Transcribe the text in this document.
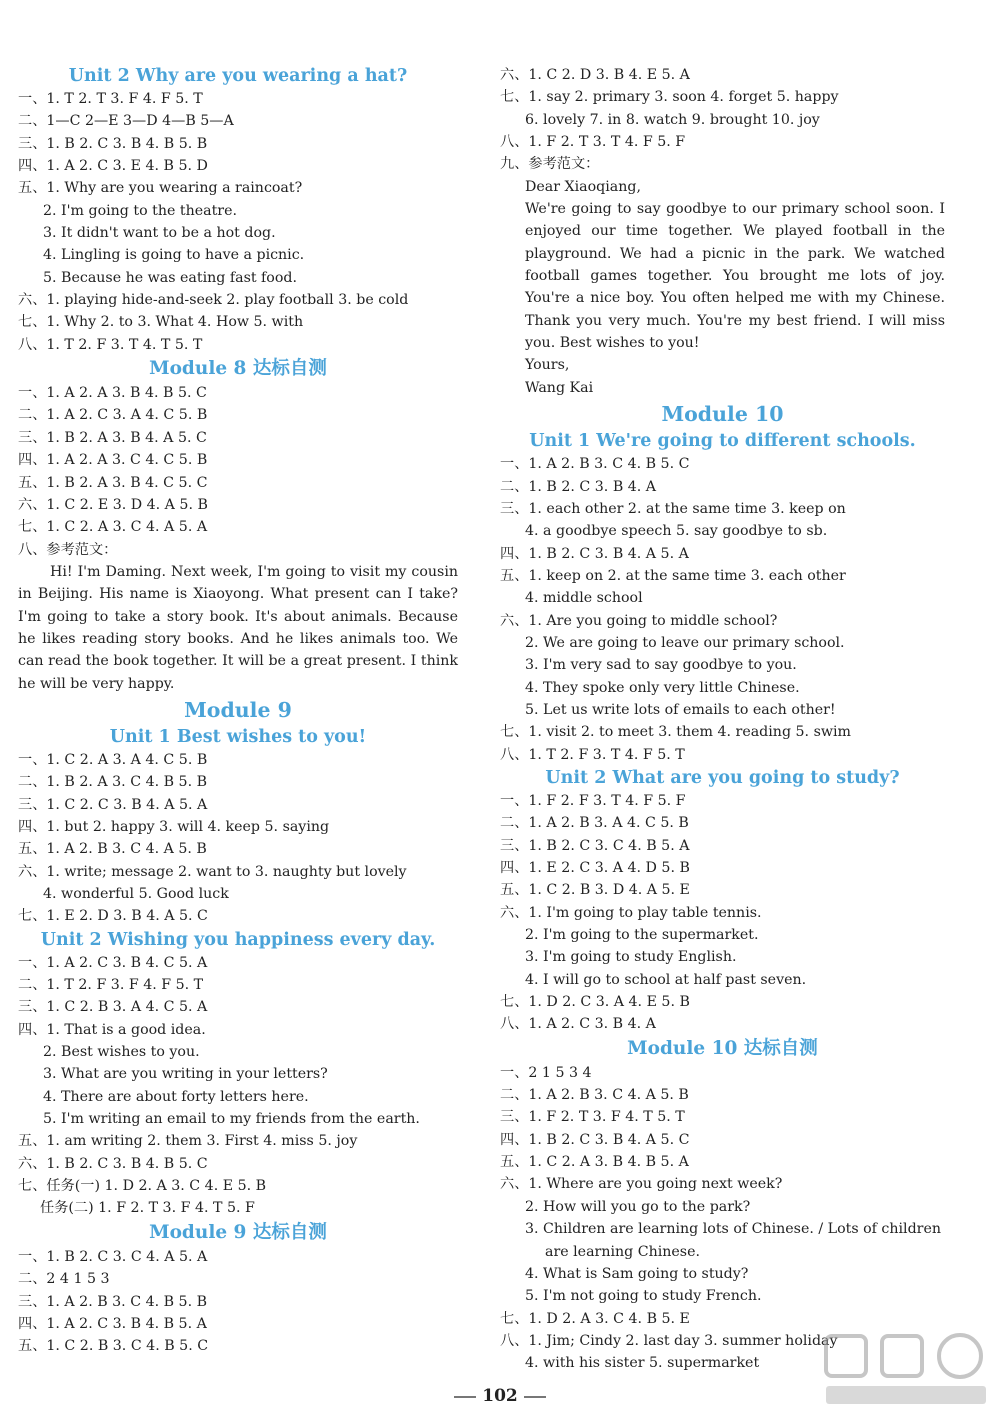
Unit 2 Why are you wearing a hat?
一、1. T 2. T 3. F 4. F 5. T
二、1—C 2—E 3—D 4—B 5—A
三、1. B 2. C 3. B 4. B 5. B
四、1. A 2. C 3. E 4. B 5. D
五、1. Why are you wearing a raincoat?
2. I'm going to the theatre.
3. It didn't want to be a hot dog.
4. Lingling is going to have a picnic.
5. Because he was eating fast food.
六、1. playing hide-and-seek 2. play football 3. be cold
七、1. Why 2. to 3. What 4. How 5. with
八、1. T 2. F 3. T 4. T 5. T
Module 8 达标自测
一、1. A 2. A 3. B 4. B 5. C
二、1. A 2. C 3. A 4. C 5. B
三、1. B 2. A 3. B 4. A 5. C
四、1. A 2. A 3. C 4. C 5. B
五、1. B 2. A 3. B 4. C 5. C
六、1. C 2. E 3. D 4. A 5. B
七、1. C 2. A 3. C 4. A 5. A
八、参考范文：
Hi! I'm Daming. Next week, I'm going to visit my cousin in Beijing. His name is Xiaoyong. What present can I take? I'm going to take a story book. It's about animals. Because he likes reading story books. And he likes animals too. We can read the book together. It will be a great present. I think he will be very happy.
Module 9
Unit 1 Best wishes to you!
一、1. C 2. A 3. A 4. C 5. B
二、1. B 2. A 3. C 4. B 5. B
三、1. C 2. C 3. B 4. A 5. A
四、1. but 2. happy 3. will 4. keep 5. saying
五、1. A 2. B 3. C 4. A 5. B
六、1. write; message 2. want to 3. naughty but lovely
4. wonderful 5. Good luck
七、1. E 2. D 3. B 4. A 5. C
Unit 2 Wishing you happiness every day.
一、1. A 2. C 3. B 4. C 5. A
二、1. T 2. F 3. F 4. F 5. T
三、1. C 2. B 3. A 4. C 5. A
四、1. That is a good idea.
2. Best wishes to you.
3. What are you writing in your letters?
4. There are about forty letters here.
5. I'm writing an email to my friends from the earth.
五、1. am writing 2. them 3. First 4. miss 5. joy
六、1. B 2. C 3. B 4. B 5. C
七、任务(一) 1. D 2. A 3. C 4. E 5. B
任务(二) 1. F 2. T 3. F 4. T 5. F
Module 9 达标自测
一、1. B 2. C 3. C 4. A 5. A
二、2 4 1 5 3
三、1. A 2. B 3. C 4. B 5. B
四、1. A 2. C 3. B 4. B 5. A
五、1. C 2. B 3. C 4. B 5. C
六、1. C 2. D 3. B 4. E 5. A
七、1. say 2. primary 3. soon 4. forget 5. happy
6. lovely 7. in 8. watch 9. brought 10. joy
八、1. F 2. T 3. T 4. F 5. F
九、参考范文：
Dear Xiaoqiang,
We're going to say goodbye to our primary school soon. I enjoyed our time together. We played football in the playground. We had a picnic in the park. We watched football games together. You brought me lots of joy. You're a nice boy. You often helped me with my Chinese. Thank you very much. You're my best friend. I will miss you. Best wishes to you!
Yours,
Wang Kai
Module 10
Unit 1 We're going to different schools.
一、1. A 2. B 3. C 4. B 5. C
二、1. B 2. C 3. B 4. A
三、1. each other 2. at the same time 3. keep on
4. a goodbye speech 5. say goodbye to sb.
四、1. B 2. C 3. B 4. A 5. A
五、1. keep on 2. at the same time 3. each other
4. middle school
六、1. Are you going to middle school?
2. We are going to leave our primary school.
3. I'm very sad to say goodbye to you.
4. They spoke only very little Chinese.
5. Let us write lots of emails to each other!
七、1. visit 2. to meet 3. them 4. reading 5. swim
八、1. T 2. F 3. T 4. F 5. T
Unit 2 What are you going to study?
一、1. F 2. F 3. T 4. F 5. F
二、1. A 2. B 3. A 4. C 5. B
三、1. B 2. C 3. C 4. B 5. A
四、1. E 2. C 3. A 4. D 5. B
五、1. C 2. B 3. D 4. A 5. E
六、1. I'm going to play table tennis.
2. I'm going to the supermarket.
3. I'm going to study English.
4. I will go to school at half past seven.
七、1. D 2. C 3. A 4. E 5. B
八、1. A 2. C 3. B 4. A
Module 10 达标自测
一、2 1 5 3 4
二、1. A 2. B 3. C 4. A 5. B
三、1. F 2. T 3. F 4. T 5. T
四、1. B 2. C 3. B 4. A 5. C
五、1. C 2. A 3. B 4. B 5. A
六、1. Where are you going next week?
2. How will you go to the park?
3. Children are learning lots of Chinese. / Lots of children
are learning Chinese.
4. What is Sam going to study?
5. I'm not going to study French.
七、1. D 2. A 3. C 4. B 5. E
八、1. Jim; Cindy 2. last day 3. summer holiday
4. with his sister 5. supermarket
102
